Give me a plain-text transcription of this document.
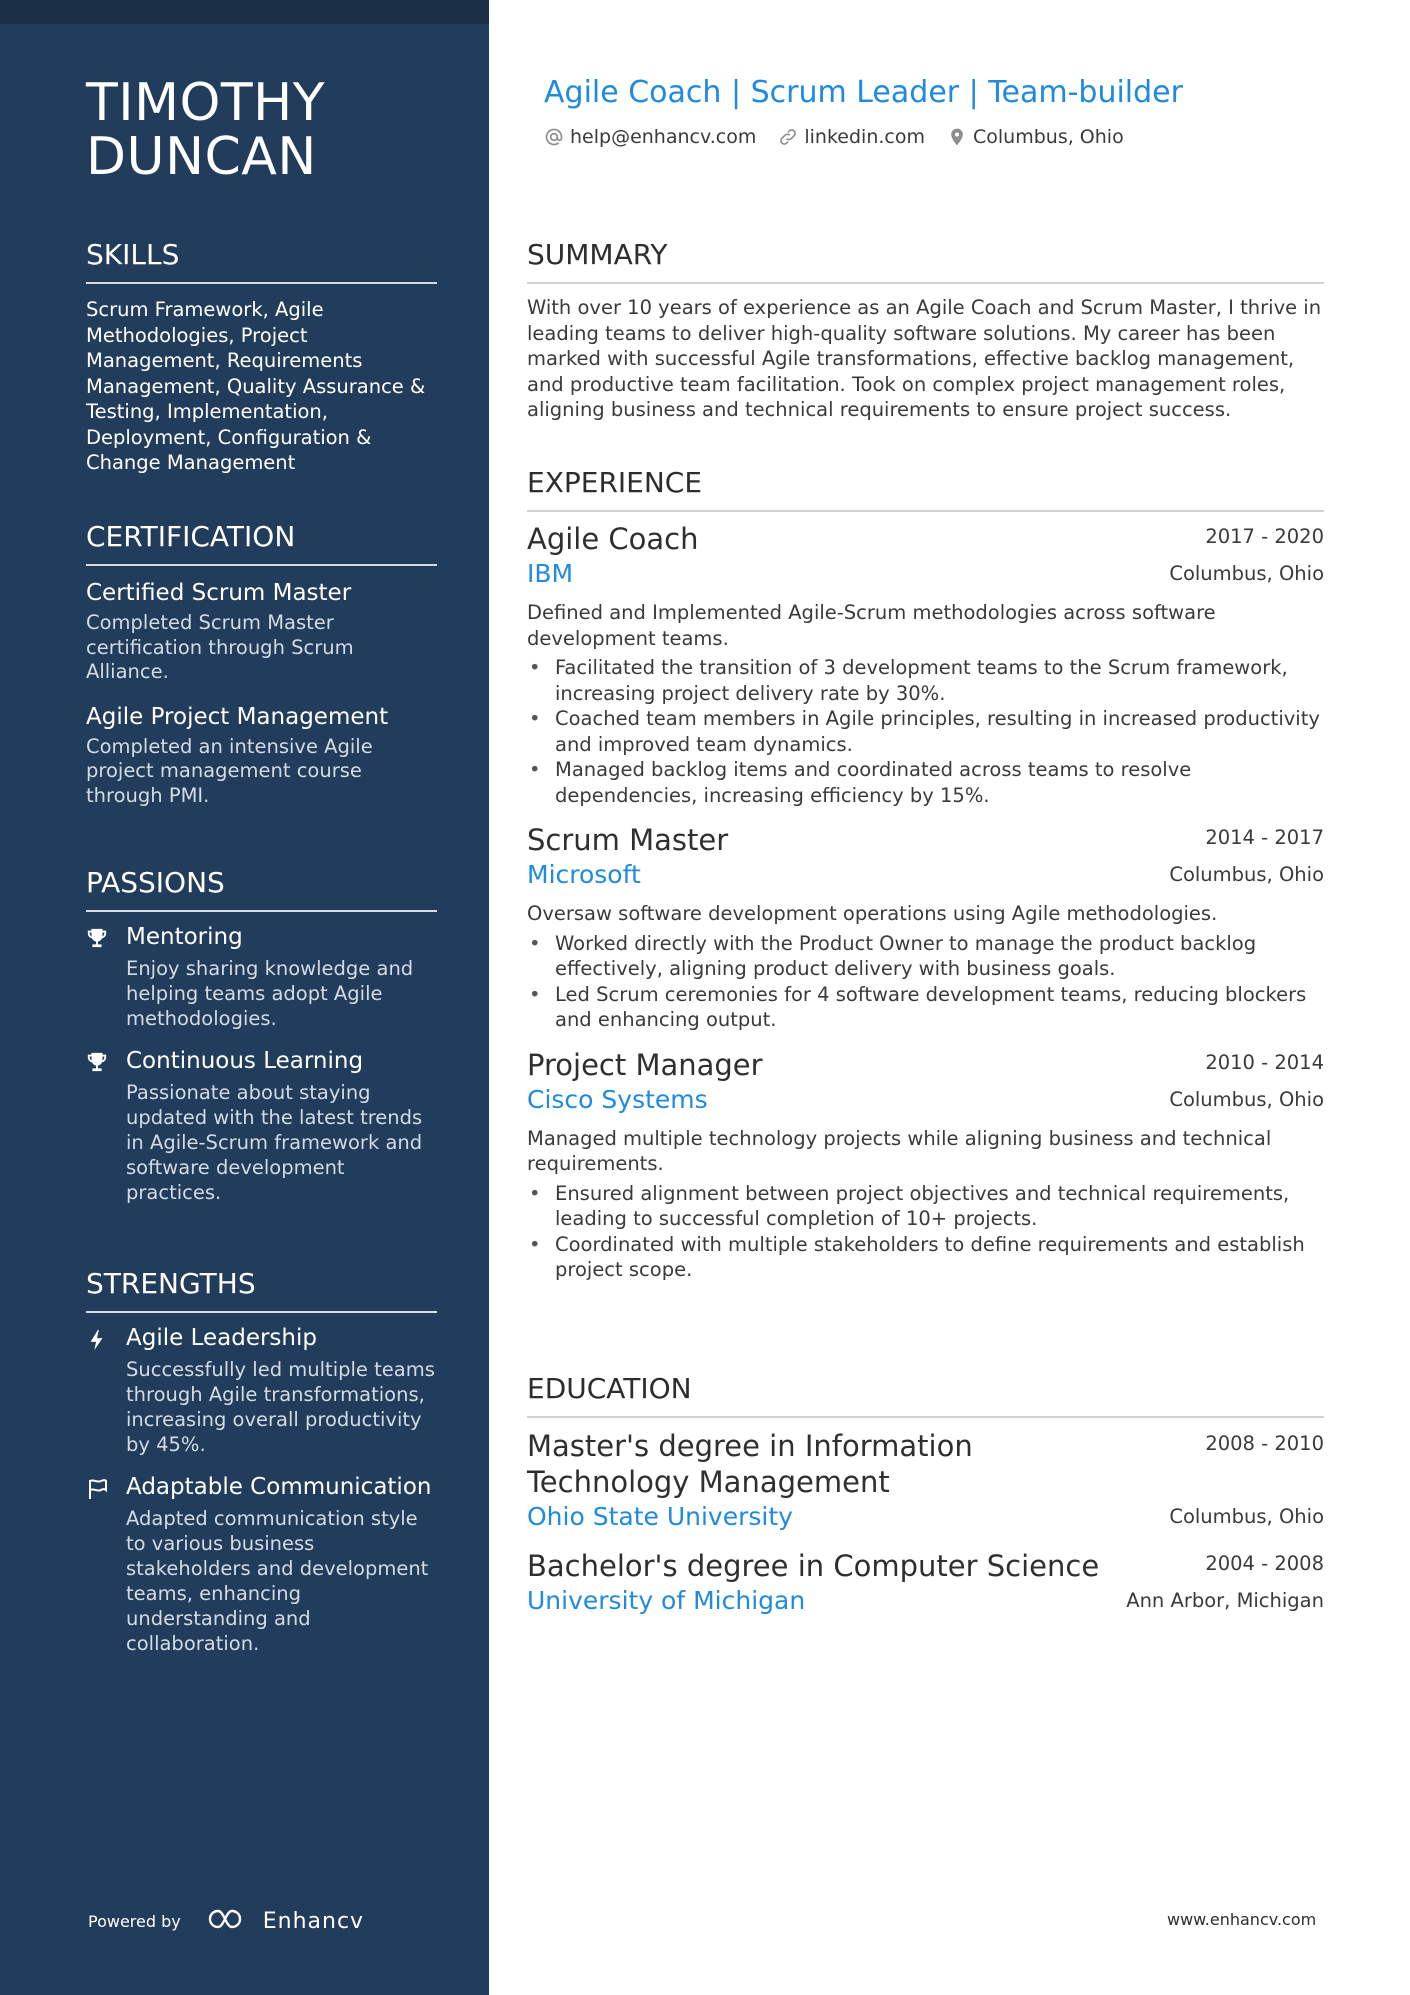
TIMOTHY
DUNCAN
SKILLS
Scrum Framework, Agile Methodologies, Project Management, Requirements Management, Quality Assurance & Testing, Implementation, Deployment, Configuration & Change Management
CERTIFICATION
Certified Scrum Master
Completed Scrum Master certification through Scrum Alliance.
Agile Project Management
Completed an intensive Agile project management course through PMI.
PASSIONS
Mentoring
Enjoy sharing knowledge and helping teams adopt Agile methodologies.
Continuous Learning
Passionate about staying updated with the latest trends in Agile-Scrum framework and software development practices.
STRENGTHS
Agile Leadership
Successfully led multiple teams through Agile transformations, increasing overall productivity by 45%.
Adaptable Communication
Adapted communication style to various business stakeholders and development teams, enhancing understanding and collaboration.
Powered by	Enhancv
Agile Coach | Scrum Leader | Team-builder
help@enhancv.com	linkedin.com	Columbus, Ohio
SUMMARY
With over 10 years of experience as an Agile Coach and Scrum Master, I thrive in leading teams to deliver high-quality software solutions. My career has been marked with successful Agile transformations, effective backlog management, and productive team facilitation. Took on complex project management roles, aligning business and technical requirements to ensure project success.
EXPERIENCE
Agile Coach	2017 - 2020
IBM	Columbus, Ohio
Defined and Implemented Agile-Scrum methodologies across software development teams.
• Facilitated the transition of 3 development teams to the Scrum framework, increasing project delivery rate by 30%.
• Coached team members in Agile principles, resulting in increased productivity and improved team dynamics.
• Managed backlog items and coordinated across teams to resolve dependencies, increasing efficiency by 15%.
Scrum Master	2014 - 2017
Microsoft	Columbus, Ohio
Oversaw software development operations using Agile methodologies.
• Worked directly with the Product Owner to manage the product backlog effectively, aligning product delivery with business goals.
• Led Scrum ceremonies for 4 software development teams, reducing blockers and enhancing output.
Project Manager	2010 - 2014
Cisco Systems	Columbus, Ohio
Managed multiple technology projects while aligning business and technical requirements.
• Ensured alignment between project objectives and technical requirements, leading to successful completion of 10+ projects.
• Coordinated with multiple stakeholders to define requirements and establish project scope.
EDUCATION
Master's degree in Information Technology Management
2008 - 2010
Ohio State University	Columbus, Ohio
Bachelor's degree in Computer Science	2004 - 2008
University of Michigan	Ann Arbor, Michigan
www.enhancv.com
